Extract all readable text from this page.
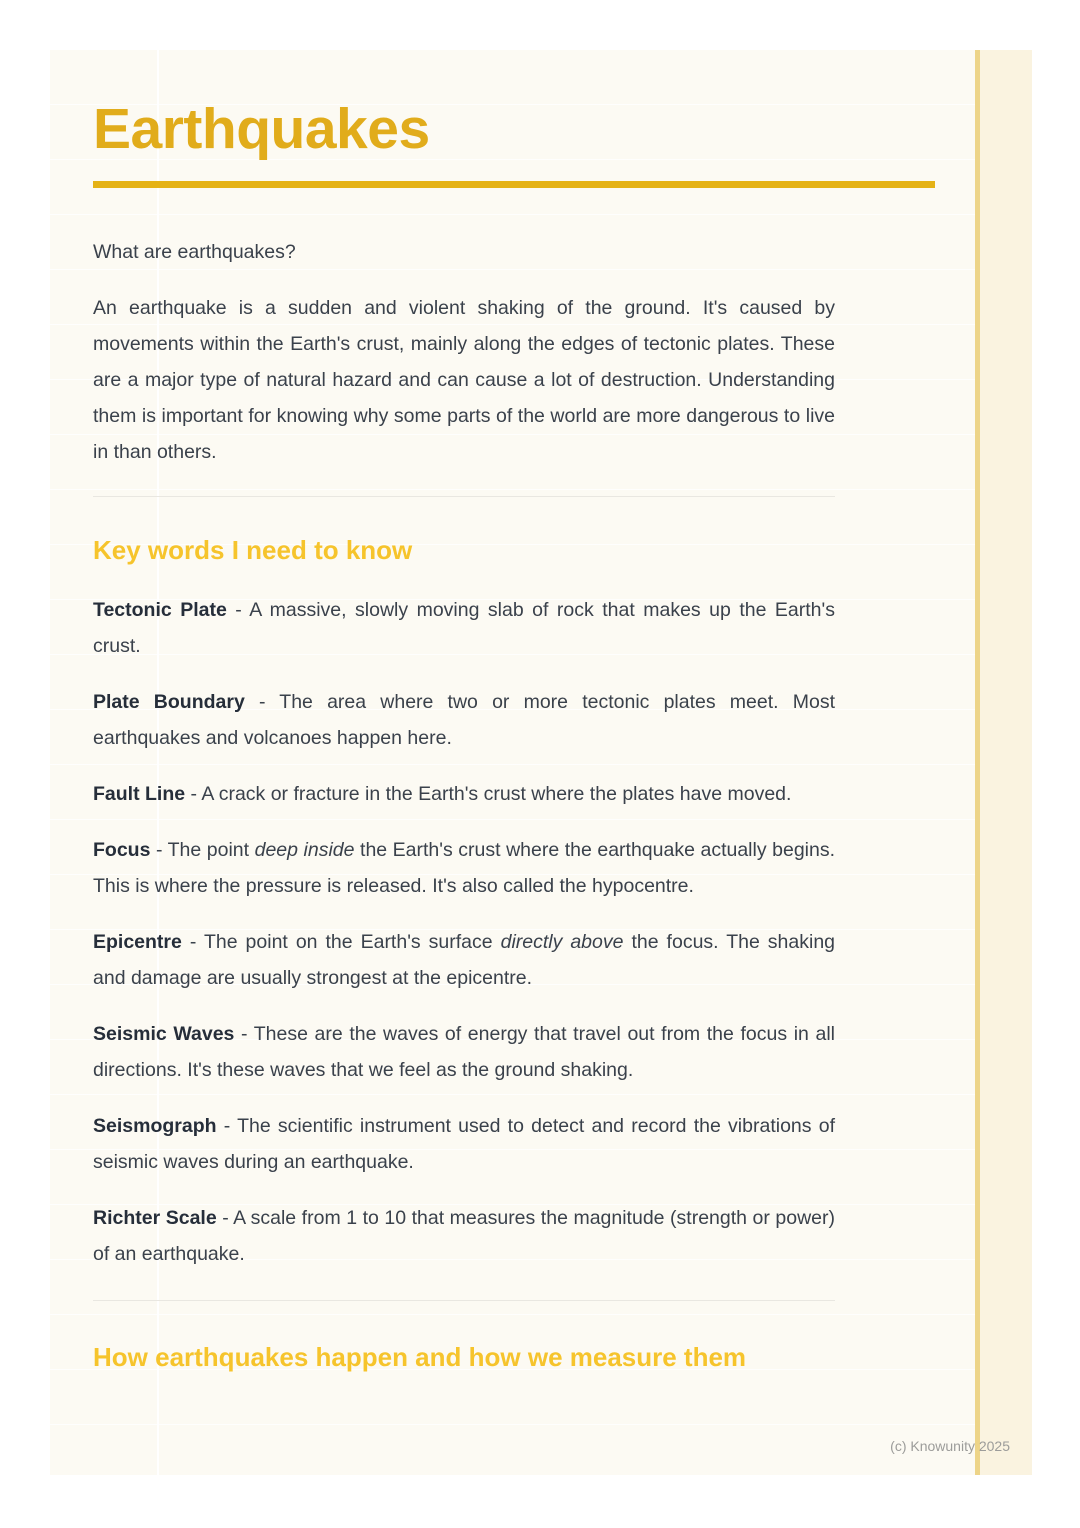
Earthquakes

What are earthquakes?

An earthquake is a sudden and violent shaking of the ground. It's caused by movements within the Earth's crust, mainly along the edges of tectonic plates. These are a major type of natural hazard and can cause a lot of destruction. Understanding them is important for knowing why some parts of the world are more dangerous to live in than others.

Key words I need to know

Tectonic Plate - A massive, slowly moving slab of rock that makes up the Earth's crust.

Plate Boundary - The area where two or more tectonic plates meet. Most earthquakes and volcanoes happen here.

Fault Line - A crack or fracture in the Earth's crust where the plates have moved.

Focus - The point deep inside the Earth's crust where the earthquake actually begins. This is where the pressure is released. It's also called the hypocentre.

Epicentre - The point on the Earth's surface directly above the focus. The shaking and damage are usually strongest at the epicentre.

Seismic Waves - These are the waves of energy that travel out from the focus in all directions. It's these waves that we feel as the ground shaking.

Seismograph - The scientific instrument used to detect and record the vibrations of seismic waves during an earthquake.

Richter Scale - A scale from 1 to 10 that measures the magnitude (strength or power) of an earthquake.

How earthquakes happen and how we measure them
(c) Knowunity 2025
